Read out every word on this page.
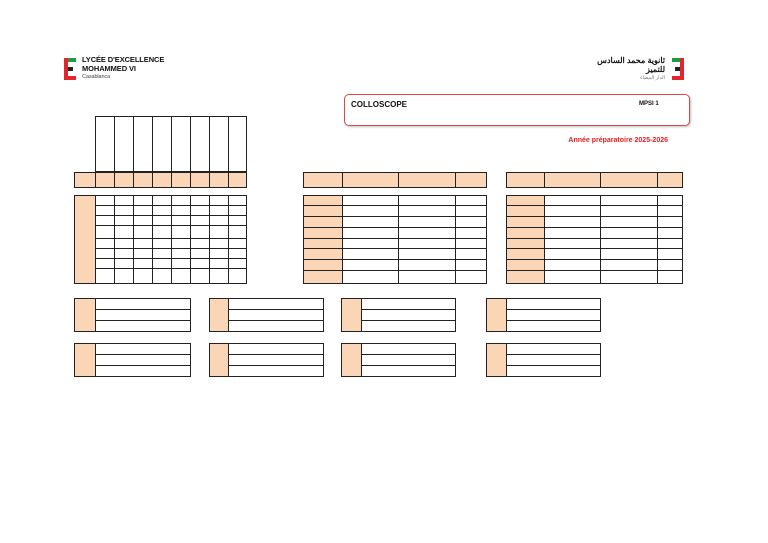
LYCÉE D'EXCELLENCE
MOHAMMED VI
Casablanca
ثانوية محمد السادس
للتميز
الدار البيضاء
COLLOSCOPE	MPSI 1
Année préparatoire 2025-2026
